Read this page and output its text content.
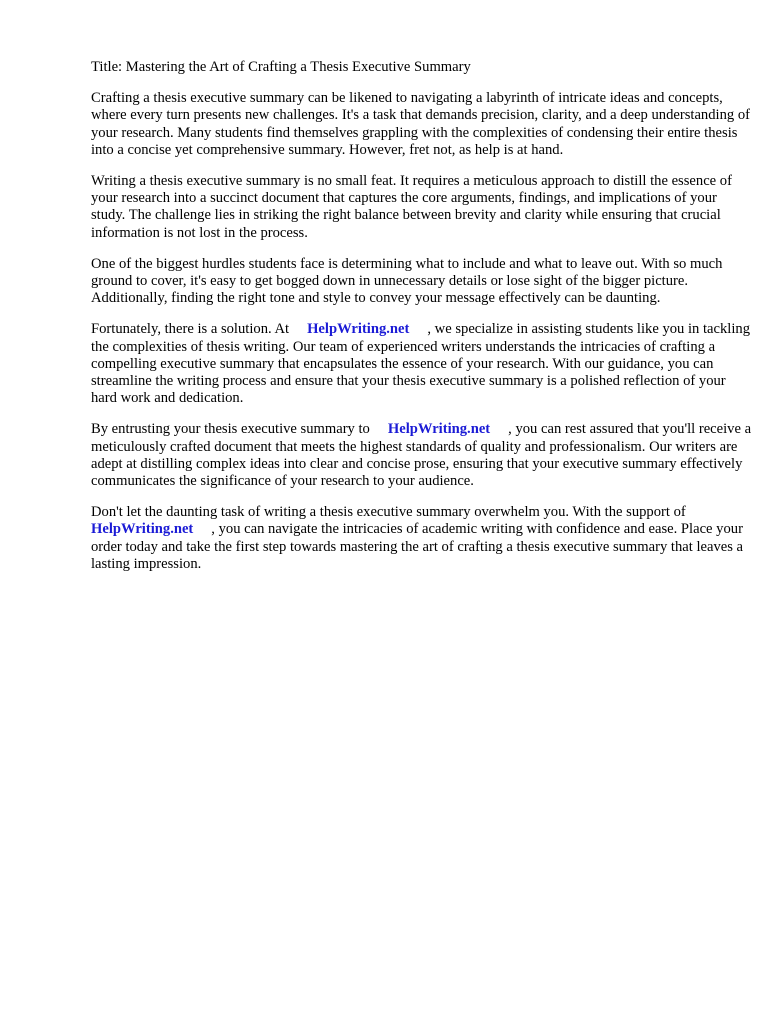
Title: Mastering the Art of Crafting a Thesis Executive Summary

Crafting a thesis executive summary can be likened to navigating a labyrinth of intricate ideas and concepts, where every turn presents new challenges. It's a task that demands precision, clarity, and a deep understanding of your research. Many students find themselves grappling with the complexities of condensing their entire thesis into a concise yet comprehensive summary. However, fret not, as help is at hand.

Writing a thesis executive summary is no small feat. It requires a meticulous approach to distill the essence of your research into a succinct document that captures the core arguments, findings, and implications of your study. The challenge lies in striking the right balance between brevity and clarity while ensuring that crucial information is not lost in the process.

One of the biggest hurdles students face is determining what to include and what to leave out. With so much ground to cover, it's easy to get bogged down in unnecessary details or lose sight of the bigger picture. Additionally, finding the right tone and style to convey your message effectively can be daunting.

Fortunately, there is a solution. At HelpWriting.net , we specialize in assisting students like you in tackling the complexities of thesis writing. Our team of experienced writers understands the intricacies of crafting a compelling executive summary that encapsulates the essence of your research. With our guidance, you can streamline the writing process and ensure that your thesis executive summary is a polished reflection of your hard work and dedication.

By entrusting your thesis executive summary to HelpWriting.net , you can rest assured that you'll receive a meticulously crafted document that meets the highest standards of quality and professionalism. Our writers are adept at distilling complex ideas into clear and concise prose, ensuring that your executive summary effectively communicates the significance of your research to your audience.

Don't let the daunting task of writing a thesis executive summary overwhelm you. With the support ofHelpWriting.net , you can navigate the intricacies of academic writing with confidence and ease. Place your order today and take the first step towards mastering the art of crafting a thesis executive summary that leaves a lasting impression.
